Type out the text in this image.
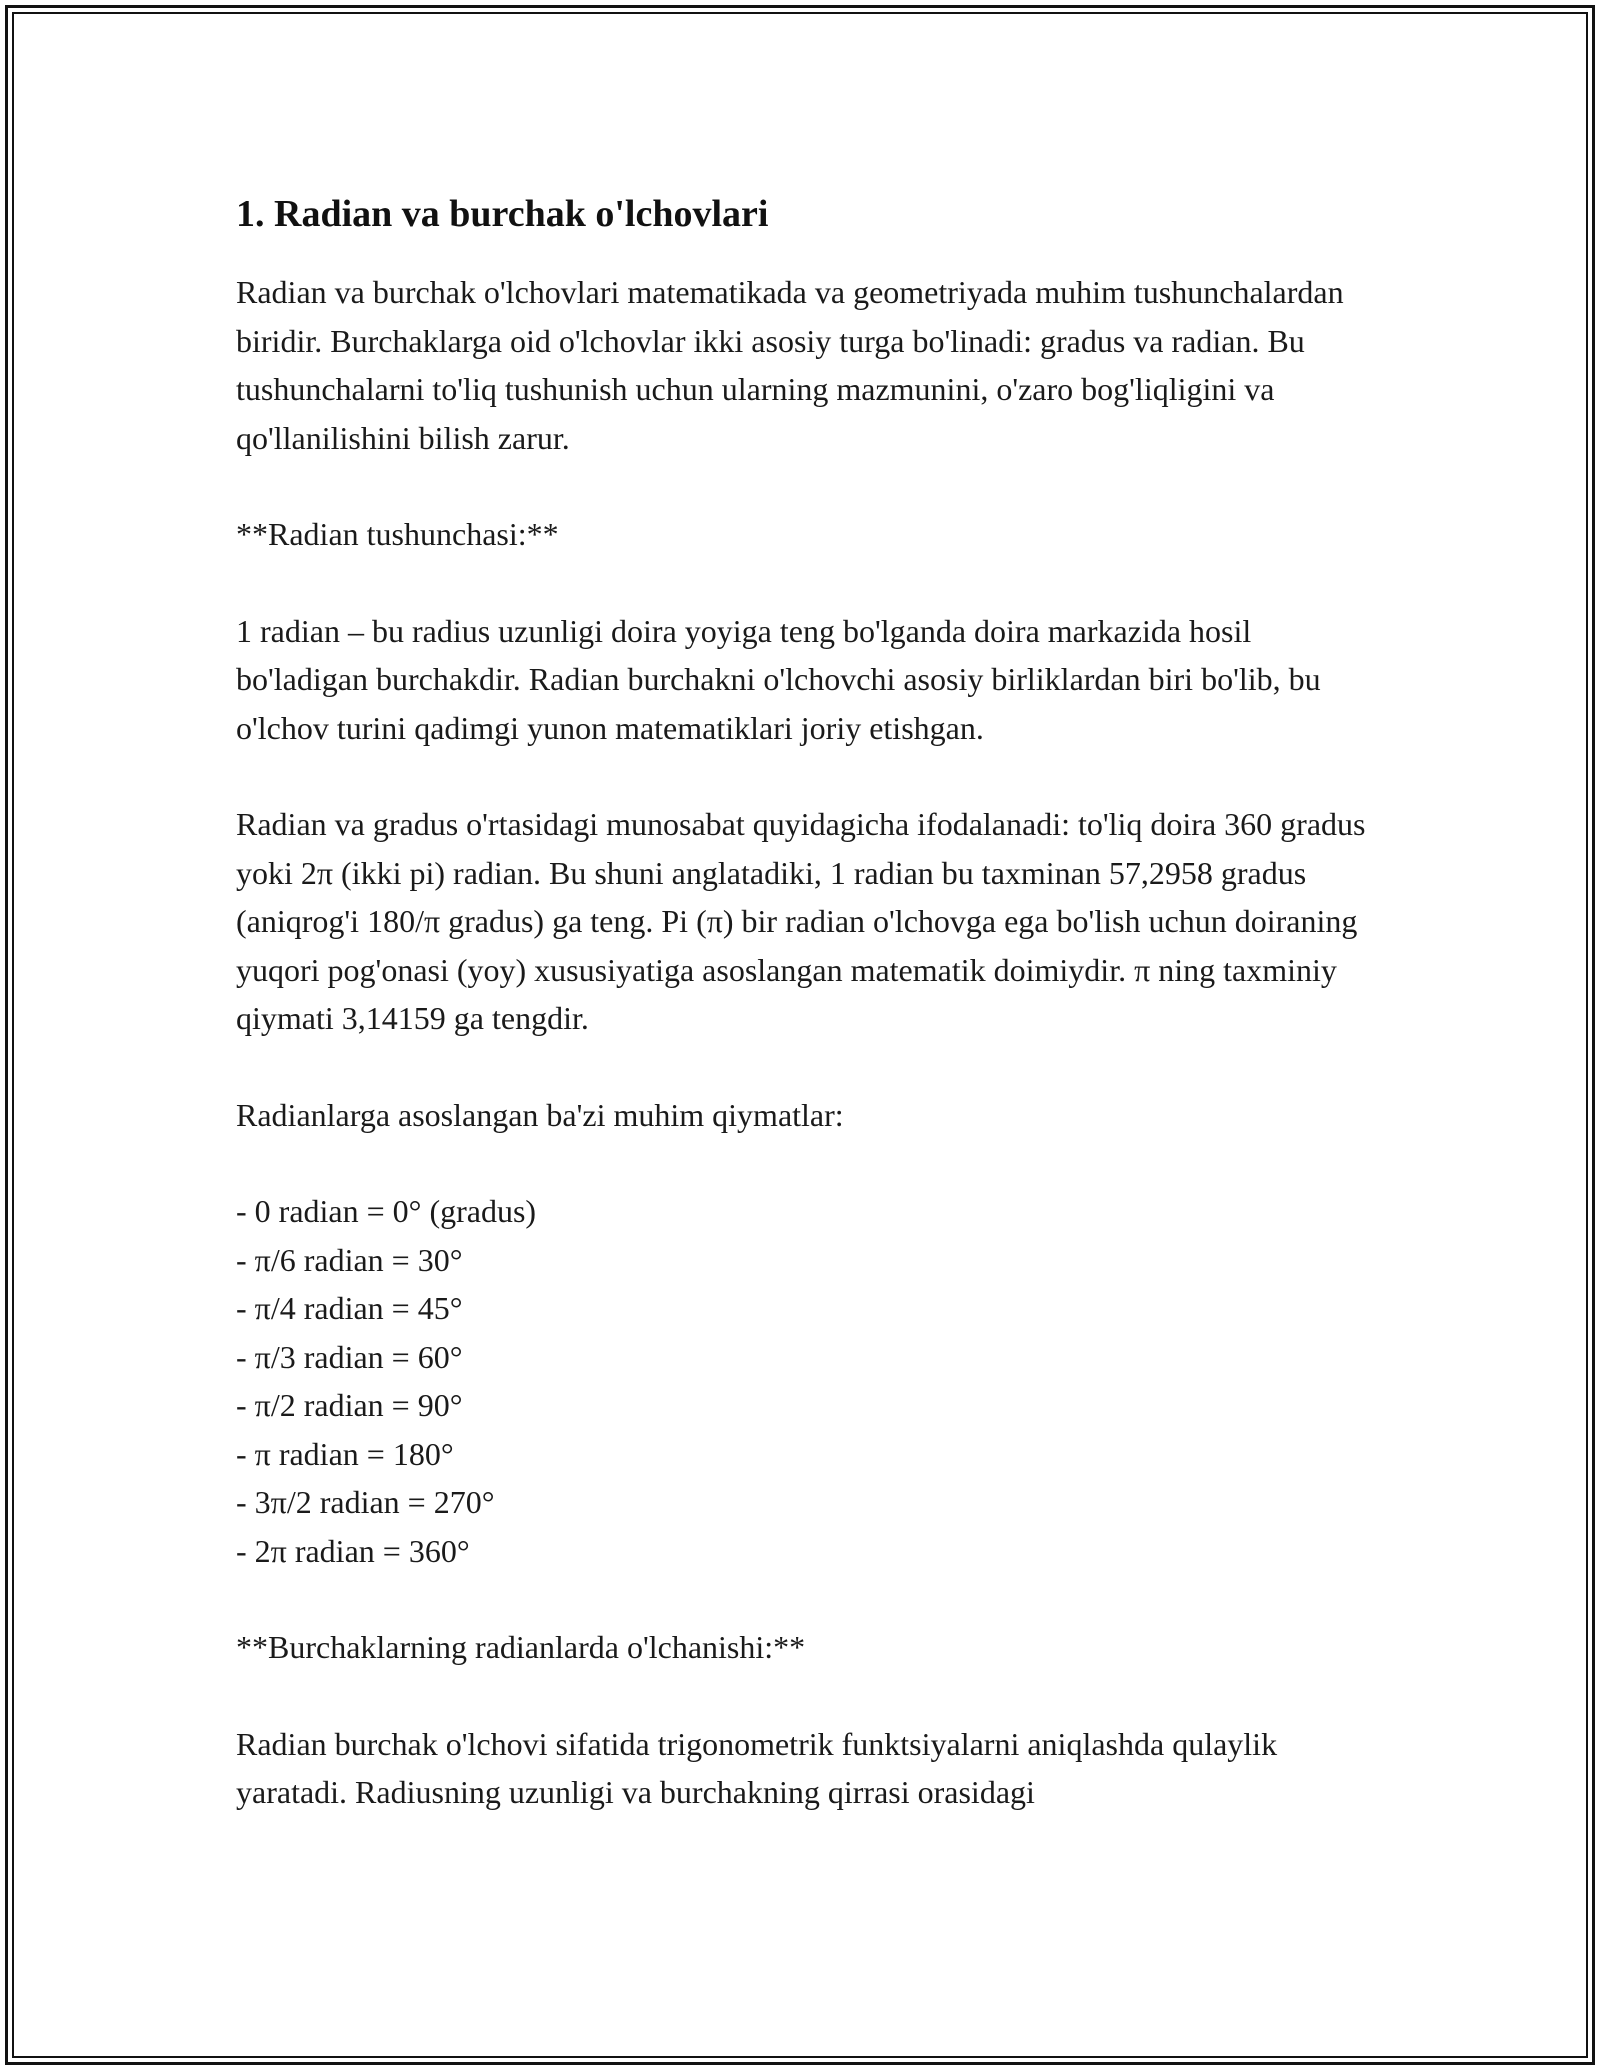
1. Radian va burchak o'lchovlari

Radian va burchak o'lchovlari matematikada va geometriyada muhim tushunchalardan biridir. Burchaklarga oid o'lchovlar ikki asosiy turga bo'linadi: gradus va radian. Bu tushunchalarni to'liq tushunish uchun ularning mazmunini, o'zaro bog'liqligini va qo'llanilishini bilish zarur.

**Radian tushunchasi:**

1 radian – bu radius uzunligi doira yoyiga teng bo'lganda doira markazida hosil bo'ladigan burchakdir. Radian burchakni o'lchovchi asosiy birliklardan biri bo'lib, bu o'lchov turini qadimgi yunon matematiklari joriy etishgan.

Radian va gradus o'rtasidagi munosabat quyidagicha ifodalanadi: to'liq doira 360 gradus yoki 2π (ikki pi) radian. Bu shuni anglatadiki, 1 radian bu taxminan 57,2958 gradus (aniqrog'i 180/π gradus) ga teng. Pi (π) bir radian o'lchovga ega bo'lish uchun doiraning yuqori pog'onasi (yoy) xususiyatiga asoslangan matematik doimiydir. π ning taxminiy qiymati 3,14159 ga tengdir.

Radianlarga asoslangan ba'zi muhim qiymatlar:

- 0 radian = 0° (gradus)
- π/6 radian = 30°
- π/4 radian = 45°
- π/3 radian = 60°
- π/2 radian = 90°
- π radian = 180°
- 3π/2 radian = 270°
- 2π radian = 360°

**Burchaklarning radianlarda o'lchanishi:**

Radian burchak o'lchovi sifatida trigonometrik funktsiyalarni aniqlashda qulaylik yaratadi. Radiusning uzunligi va burchakning qirrasi orasidagi
